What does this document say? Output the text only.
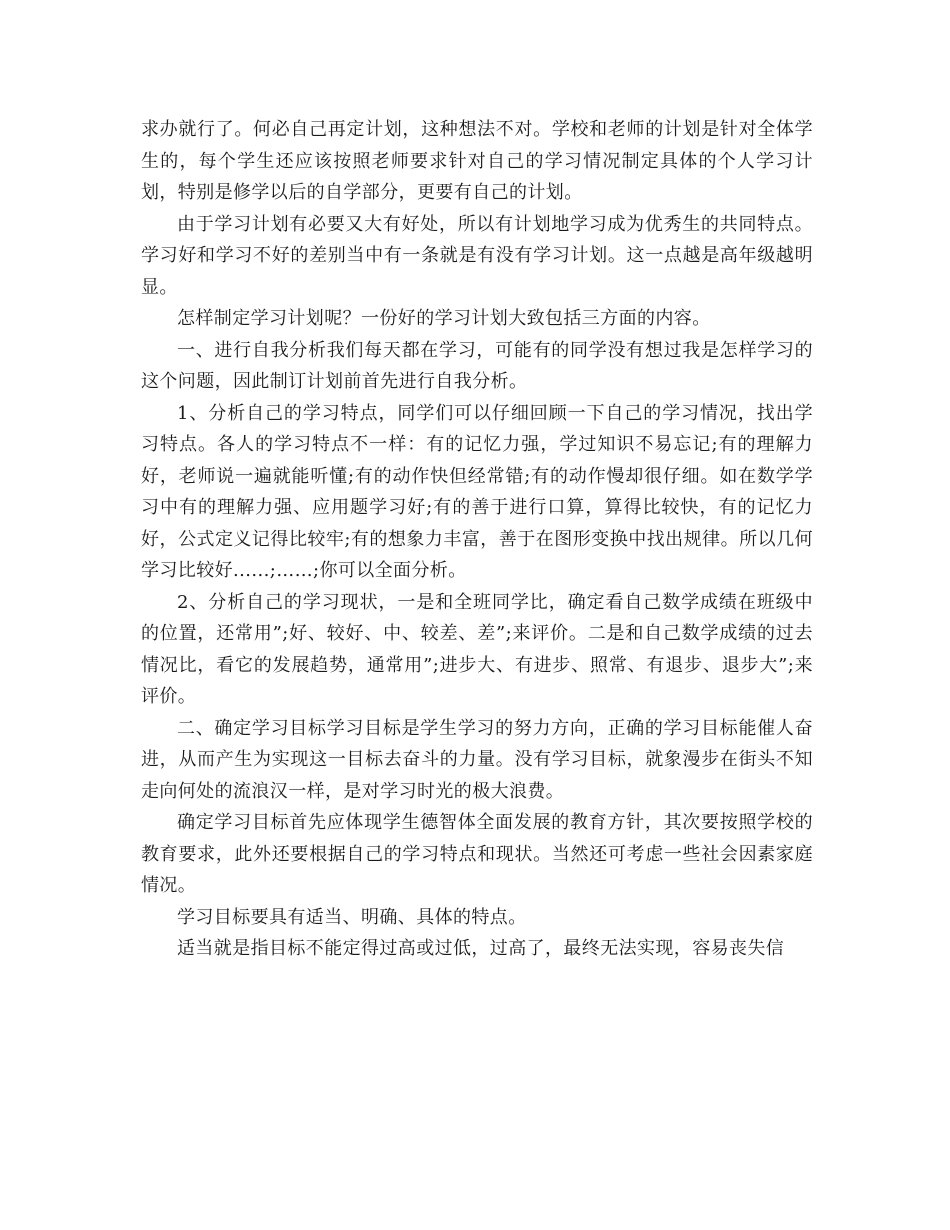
求办就行了。何必自己再定计划，这种想法不对。学校和老师的计划是针对全体学生的，每个学生还应该按照老师要求针对自己的学习情况制定具体的个人学习计划，特别是修学以后的自学部分，更要有自己的计划。

由于学习计划有必要又大有好处，所以有计划地学习成为优秀生的共同特点。学习好和学习不好的差别当中有一条就是有没有学习计划。这一点越是高年级越明显。

怎样制定学习计划呢？一份好的学习计划大致包括三方面的内容。

一、进行自我分析我们每天都在学习，可能有的同学没有想过我是怎样学习的这个问题，因此制订计划前首先进行自我分析。

1、分析自己的学习特点，同学们可以仔细回顾一下自己的学习情况，找出学习特点。各人的学习特点不一样：有的记忆力强，学过知识不易忘记;有的理解力好，老师说一遍就能听懂;有的动作快但经常错;有的动作慢却很仔细。如在数学学习中有的理解力强、应用题学习好;有的善于进行口算，算得比较快，有的记忆力好，公式定义记得比较牢;有的想象力丰富，善于在图形变换中找出规律。所以几何学习比较好......;……;你可以全面分析。

2、分析自己的学习现状，一是和全班同学比，确定看自己数学成绩在班级中的位置，还常用”;好、较好、中、较差、差”;来评价。二是和自己数学成绩的过去情况比，看它的发展趋势，通常用”;进步大、有进步、照常、有退步、退步大”;来评价。

二、确定学习目标学习目标是学生学习的努力方向，正确的学习目标能催人奋进，从而产生为实现这一目标去奋斗的力量。没有学习目标，就象漫步在街头不知走向何处的流浪汉一样，是对学习时光的极大浪费。

确定学习目标首先应体现学生德智体全面发展的教育方针，其次要按照学校的教育要求，此外还要根据自己的学习特点和现状。当然还可考虑一些社会因素家庭情况。

学习目标要具有适当、明确、具体的特点。

适当就是指目标不能定得过高或过低，过高了，最终无法实现，容易丧失信
